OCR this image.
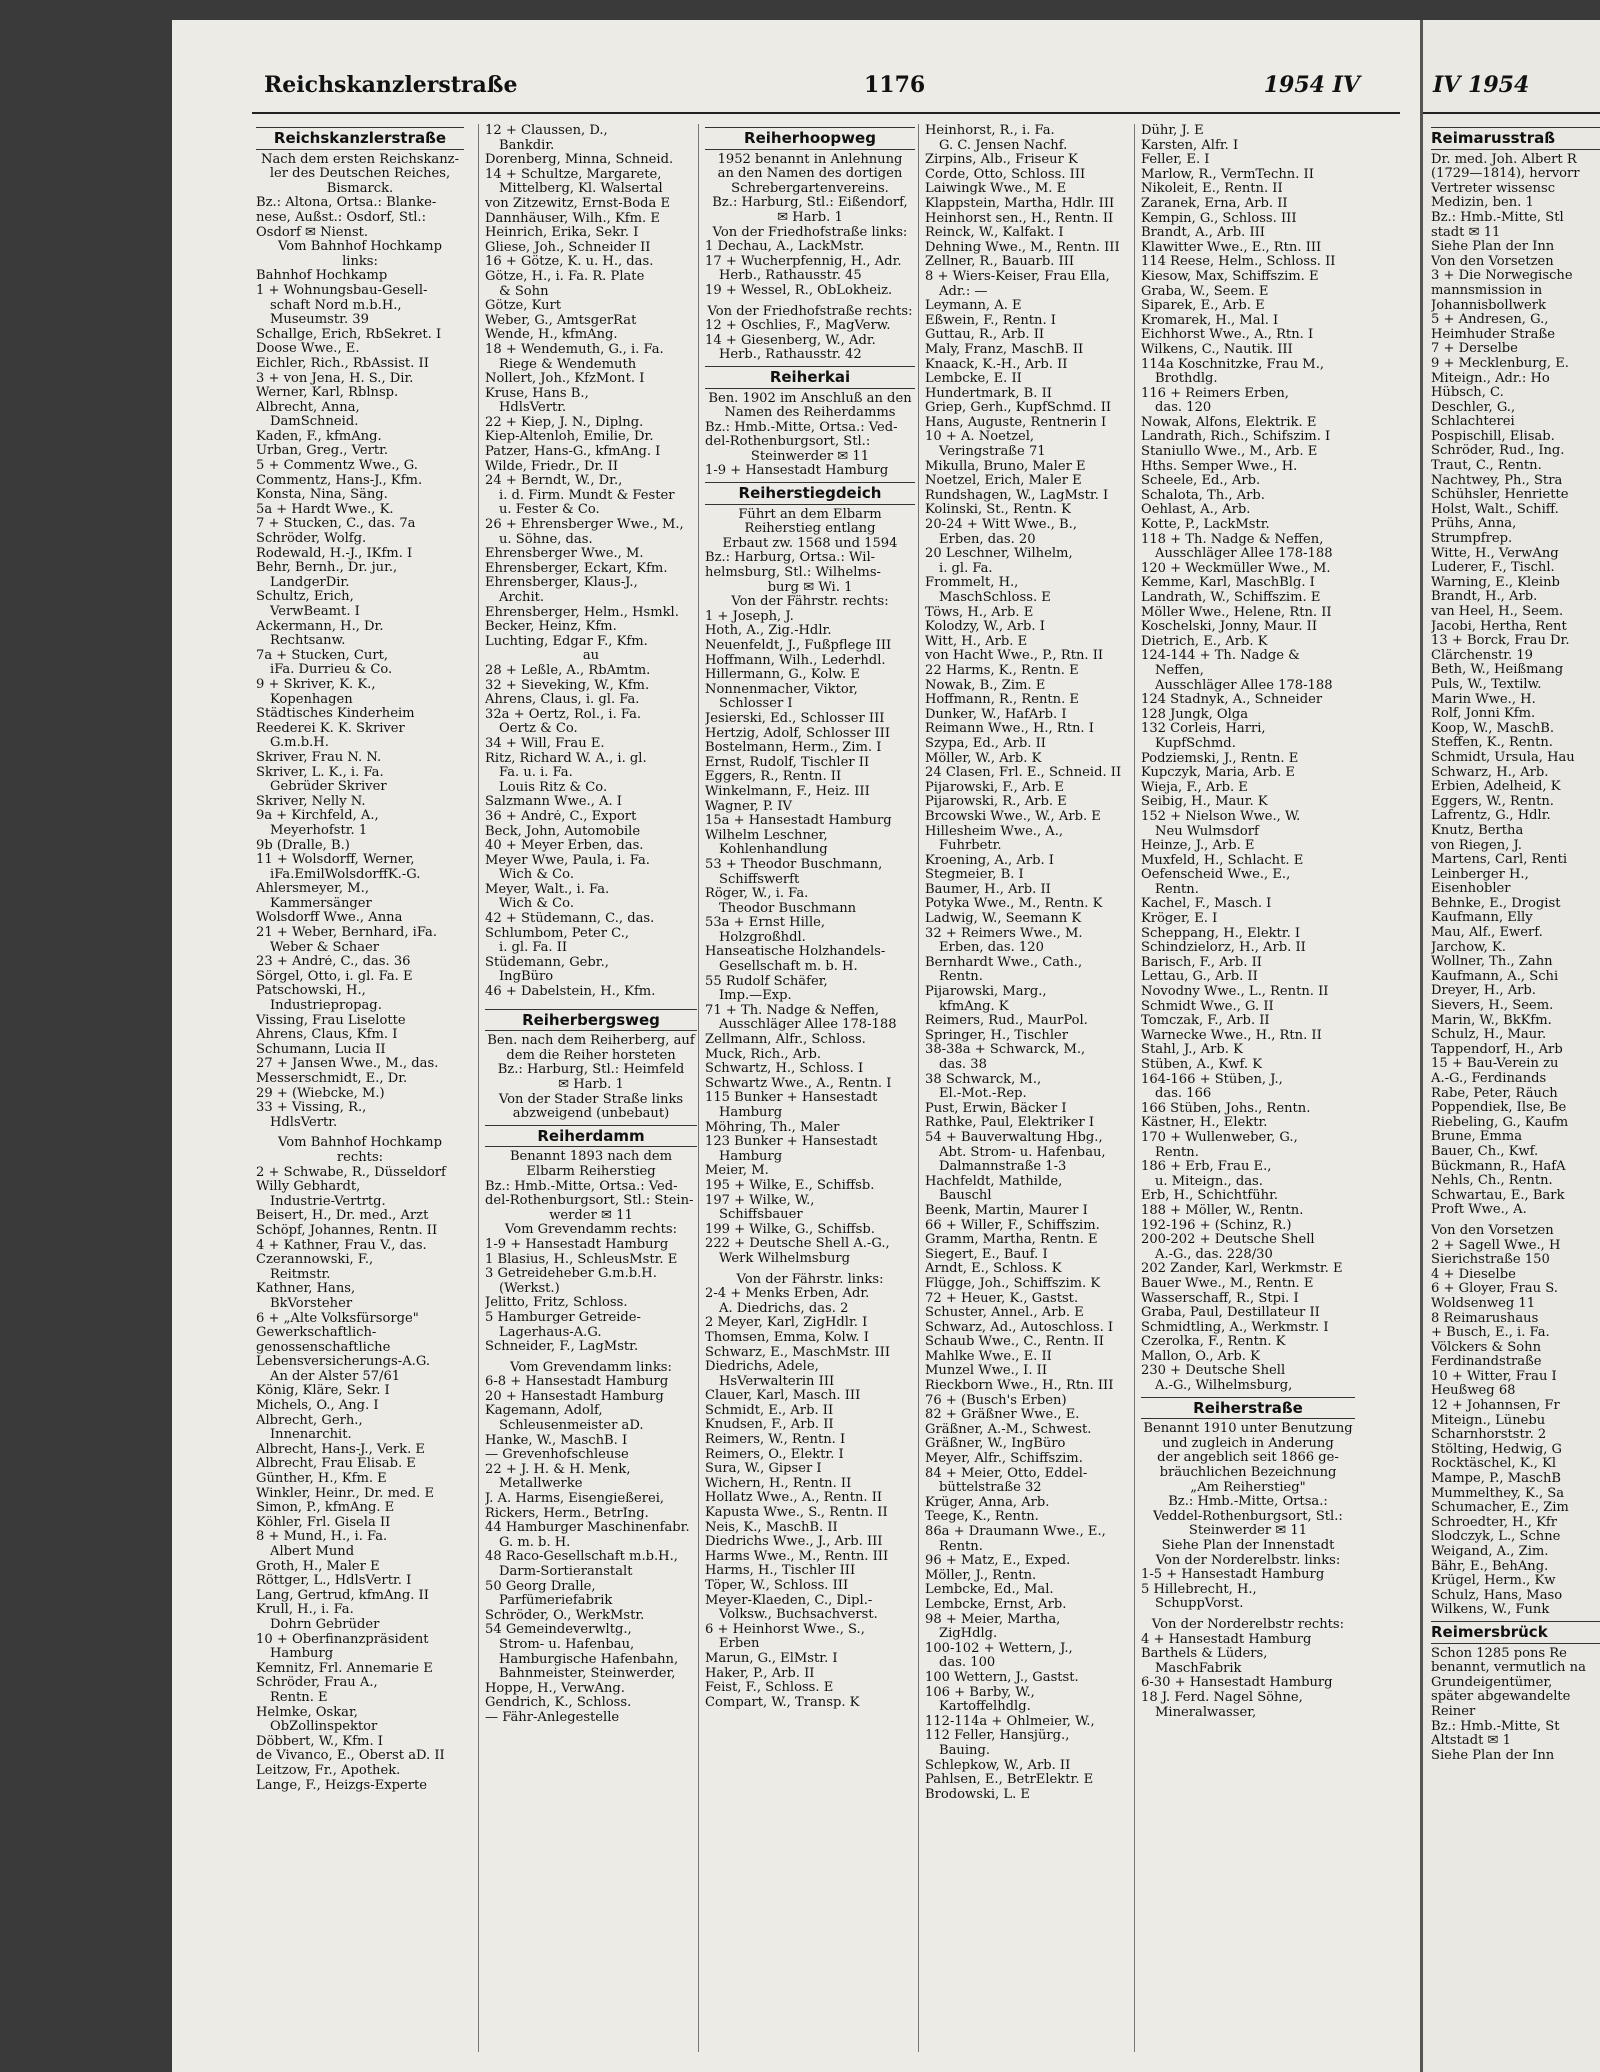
Reichskanzlerstraße	1176	1954 IV
Reichskanzlerstraße
Nach dem ersten Reichskanz-
ler des Deutschen Reiches,
Bismarck.
Bz.: Altona, Ortsa.: Blanke-
nese, Außst.: Osdorf, Stl.:
Osdorf ✉ Nienst.
Vom Bahnhof Hochkamp
links:
Bahnhof Hochkamp
1 + Wohnungsbau-Gesell-
schaft Nord m.b.H.,
Museumstr. 39
Schallge, Erich, RbSekret. I
Doose Wwe., E.
Eichler, Rich., RbAssist. II
3 + von Jena, H. S., Dir.
Werner, Karl, Rblnsp.
Albrecht, Anna,
DamSchneid.
Kaden, F., kfmAng.
Urban, Greg., Vertr.
5 + Commentz Wwe., G.
Commentz, Hans-J., Kfm.
Konsta, Nina, Säng.
5a + Hardt Wwe., K.
7 + Stucken, C., das. 7a
Schröder, Wolfg.
Rodewald, H.-J., IKfm. I
Behr, Bernh., Dr. jur.,
LandgerDir.
Schultz, Erich,
VerwBeamt. I
Ackermann, H., Dr.
Rechtsanw.
7a + Stucken, Curt,
iFa. Durrieu & Co.
9 + Skriver, K. K.,
Kopenhagen
Städtisches Kinderheim
Reederei K. K. Skriver
G.m.b.H.
Skriver, Frau N. N.
Skriver, L. K., i. Fa.
Gebrüder Skriver
Skriver, Nelly N.
9a + Kirchfeld, A.,
Meyerhofstr. 1
9b (Dralle, B.)
11 + Wolsdorff, Werner,
iFa.EmilWolsdorffK.-G.
Ahlersmeyer, M.,
Kammersänger
Wolsdorff Wwe., Anna
21 + Weber, Bernhard, iFa.
Weber & Schaer
23 + André, C., das. 36
Sörgel, Otto, i. gl. Fa. E
Patschowski, H.,
Industriepropag.
Vissing, Frau Liselotte
Ahrens, Claus, Kfm. I
Schumann, Lucia II
27 + Jansen Wwe., M., das.
Messerschmidt, E., Dr.
29 + (Wiebcke, M.)
33 + Vissing, R.,
HdlsVertr.
Vom Bahnhof Hochkamp
rechts:
2 + Schwabe, R., Düsseldorf
Willy Gebhardt,
Industrie-Vertrtg.
Beisert, H., Dr. med., Arzt
Schöpf, Johannes, Rentn. II
4 + Kathner, Frau V., das.
Czerannowski, F.,
Reitmstr.
Kathner, Hans,
BkVorsteher
6 + „Alte Volksfürsorge"
Gewerkschaftlich-
genossenschaftliche
Lebensversicherungs-A.G.
An der Alster 57/61
König, Kläre, Sekr. I
Michels, O., Ang. I
Albrecht, Gerh.,
Innenarchit.
Albrecht, Hans-J., Verk. E
Albrecht, Frau Elisab. E
Günther, H., Kfm. E
Winkler, Heinr., Dr. med. E
Simon, P., kfmAng. E
Köhler, Frl. Gisela II
8 + Mund, H., i. Fa.
Albert Mund
Groth, H., Maler E
Röttger, L., HdlsVertr. I
Lang, Gertrud, kfmAng. II
Krull, H., i. Fa.
Dohrn Gebrüder
10 + Oberfinanzpräsident
Hamburg
Kemnitz, Frl. Annemarie E
Schröder, Frau A.,
Rentn. E
Helmke, Oskar,
ObZollinspektor
Döbbert, W., Kfm. I
de Vivanco, E., Oberst aD. II
Leitzow, Fr., Apothek.
Lange, F., Heizgs-Experte
12 + Claussen, D.,
Bankdir.
Dorenberg, Minna, Schneid.
14 + Schultze, Margarete,
Mittelberg, Kl. Walsertal
von Zitzewitz, Ernst-Boda E
Dannhäuser, Wilh., Kfm. E
Heinrich, Erika, Sekr. I
Gliese, Joh., Schneider II
16 + Götze, K. u. H., das.
Götze, H., i. Fa. R. Plate
& Sohn
Götze, Kurt
Weber, G., AmtsgerRat
Wende, H., kfmAng.
18 + Wendemuth, G., i. Fa.
Riege & Wendemuth
Nollert, Joh., KfzMont. I
Kruse, Hans B.,
HdlsVertr.
22 + Kiep, J. N., Diplng.
Kiep-Altenloh, Emilie, Dr.
Patzer, Hans-G., kfmAng. I
Wilde, Friedr., Dr. II
24 + Berndt, W., Dr.,
i. d. Firm. Mundt & Fester
u. Fester & Co.
26 + Ehrensberger Wwe., M.,
u. Söhne, das.
Ehrensberger Wwe., M.
Ehrensberger, Eckart, Kfm.
Ehrensberger, Klaus-J.,
Archit.
Ehrensberger, Helm., Hsmkl.
Becker, Heinz, Kfm.
Luchting, Edgar F., Kfm.
au
28 + Leßle, A., RbAmtm.
32 + Sieveking, W., Kfm.
Ahrens, Claus, i. gl. Fa.
32a + Oertz, Rol., i. Fa.
Oertz & Co.
34 + Will, Frau E.
Ritz, Richard W. A., i. gl.
Fa. u. i. Fa.
Louis Ritz & Co.
Salzmann Wwe., A. I
36 + André, C., Export
Beck, John, Automobile
40 + Meyer Erben, das.
Meyer Wwe, Paula, i. Fa.
Wich & Co.
Meyer, Walt., i. Fa.
Wich & Co.
42 + Stüdemann, C., das.
Schlumbom, Peter C.,
i. gl. Fa. II
Stüdemann, Gebr.,
IngBüro
46 + Dabelstein, H., Kfm.
Reiherbergsweg
Ben. nach dem Reiherberg, auf
dem die Reiher horsteten
Bz.: Harburg, Stl.: Heimfeld
✉ Harb. 1
Von der Stader Straße links
abzweigend (unbebaut)
Reiherdamm
Benannt 1893 nach dem
Elbarm Reiherstieg
Bz.: Hmb.-Mitte, Ortsa.: Ved-
del-Rothenburgsort, Stl.: Stein-
werder ✉ 11
Vom Grevendamm rechts:
1-9 + Hansestadt Hamburg
1 Blasius, H., SchleusMstr. E
3 Getreideheber G.m.b.H.
(Werkst.)
Jelitto, Fritz, Schloss.
5 Hamburger Getreide-
Lagerhaus-A.G.
Schneider, F., LagMstr.
Vom Grevendamm links:
6-8 + Hansestadt Hamburg
20 + Hansestadt Hamburg
Kagemann, Adolf,
Schleusenmeister aD.
Hanke, W., MaschB. I
— Grevenhofschleuse
22 + J. H. & H. Menk,
Metallwerke
J. A. Harms, Eisengießerei,
Rickers, Herm., BetrIng.
44 Hamburger Maschinenfabr.
G. m. b. H.
48 Raco-Gesellschaft m.b.H.,
Darm-Sortieranstalt
50 Georg Dralle,
Parfümeriefabrik
Schröder, O., WerkMstr.
54 Gemeindeverwltg.,
Strom- u. Hafenbau,
Hamburgische Hafenbahn,
Bahnmeister, Steinwerder,
Hoppe, H., VerwAng.
Gendrich, K., Schloss.
— Fähr-Anlegestelle
Reiherhoopweg
1952 benannt in Anlehnung
an den Namen des dortigen
Schrebergartenvereins.
Bz.: Harburg, Stl.: Eißendorf,
✉ Harb. 1
Von der Friedhofstraße links:
1 Dechau, A., LackMstr.
17 + Wucherpfennig, H., Adr.
Herb., Rathausstr. 45
19 + Wessel, R., ObLokheiz.
Von der Friedhofstraße rechts:
12 + Oschlies, F., MagVerw.
14 + Giesenberg, W., Adr.
Herb., Rathausstr. 42
Reiherkai
Ben. 1902 im Anschluß an den
Namen des Reiherdamms
Bz.: Hmb.-Mitte, Ortsa.: Ved-
del-Rothenburgsort, Stl.:
Steinwerder ✉ 11
1-9 + Hansestadt Hamburg
Reiherstiegdeich
Führt an dem Elbarm
Reiherstieg entlang
Erbaut zw. 1568 und 1594
Bz.: Harburg, Ortsa.: Wil-
helmsburg, Stl.: Wilhelms-
burg ✉ Wi. 1
Von der Fährstr. rechts:
1 + Joseph, J.
Hoth, A., Zig.-Hdlr.
Neuenfeldt, J., Fußpflege III
Hoffmann, Wilh., Lederhdl.
Hillermann, G., Kolw. E
Nonnenmacher, Viktor,
Schlosser I
Jesierski, Ed., Schlosser III
Hertzig, Adolf, Schlosser III
Bostelmann, Herm., Zim. I
Ernst, Rudolf, Tischler II
Eggers, R., Rentn. II
Winkelmann, F., Heiz. III
Wagner, P. IV
15a + Hansestadt Hamburg
Wilhelm Leschner,
Kohlenhandlung
53 + Theodor Buschmann,
Schiffswerft
Röger, W., i. Fa.
Theodor Buschmann
53a + Ernst Hille,
Holzgroßhdl.
Hanseatische Holzhandels-
Gesellschaft m. b. H.
55 Rudolf Schäfer,
Imp.—Exp.
71 + Th. Nadge & Neffen,
Ausschläger Allee 178-188
Zellmann, Alfr., Schloss.
Muck, Rich., Arb.
Schwartz, H., Schloss. I
Schwartz Wwe., A., Rentn. I
115 Bunker + Hansestadt
Hamburg
Möhring, Th., Maler
123 Bunker + Hansestadt
Hamburg
Meier, M.
195 + Wilke, E., Schiffsb.
197 + Wilke, W.,
Schiffsbauer
199 + Wilke, G., Schiffsb.
222 + Deutsche Shell A.-G.,
Werk Wilhelmsburg
Von der Fährstr. links:
2-4 + Menks Erben, Adr.
A. Diedrichs, das. 2
2 Meyer, Karl, ZigHdlr. I
Thomsen, Emma, Kolw. I
Schwarz, E., MaschMstr. III
Diedrichs, Adele,
HsVerwalterin III
Clauer, Karl, Masch. III
Schmidt, E., Arb. II
Knudsen, F., Arb. II
Reimers, W., Rentn. I
Reimers, O., Elektr. I
Sura, W., Gipser I
Wichern, H., Rentn. II
Hollatz Wwe., A., Rentn. II
Kapusta Wwe., S., Rentn. II
Neis, K., MaschB. II
Diedrichs Wwe., J., Arb. III
Harms Wwe., M., Rentn. III
Harms, H., Tischler III
Töper, W., Schloss. III
Meyer-Klaeden, C., Dipl.-
Volksw., Buchsachverst.
6 + Heinhorst Wwe., S.,
Erben
Marun, G., ElMstr. I
Haker, P., Arb. II
Feist, F., Schloss. E
Compart, W., Transp. K
Heinhorst, R., i. Fa.
G. C. Jensen Nachf.
Zirpins, Alb., Friseur K
Corde, Otto, Schloss. III
Laiwingk Wwe., M. E
Klappstein, Martha, Hdlr. III
Heinhorst sen., H., Rentn. II
Reinck, W., Kalfakt. I
Dehning Wwe., M., Rentn. III
Zellner, R., Bauarb. III
8 + Wiers-Keiser, Frau Ella,
Adr.: —
Leymann, A. E
Eßwein, F., Rentn. I
Guttau, R., Arb. II
Maly, Franz, MaschB. II
Knaack, K.-H., Arb. II
Lembcke, E. II
Hundertmark, B. II
Griep, Gerh., KupfSchmd. II
Hans, Auguste, Rentnerin I
10 + A. Noetzel,
Veringstraße 71
Mikulla, Bruno, Maler E
Noetzel, Erich, Maler E
Rundshagen, W., LagMstr. I
Kolinski, St., Rentn. K
20-24 + Witt Wwe., B.,
Erben, das. 20
20 Leschner, Wilhelm,
i. gl. Fa.
Frommelt, H.,
MaschSchloss. E
Töws, H., Arb. E
Kolodzy, W., Arb. I
Witt, H., Arb. E
von Hacht Wwe., P., Rtn. II
22 Harms, K., Rentn. E
Nowak, B., Zim. E
Hoffmann, R., Rentn. E
Dunker, W., HafArb. I
Reimann Wwe., H., Rtn. I
Szypa, Ed., Arb. II
Möller, W., Arb. K
24 Clasen, Frl. E., Schneid. II
Pijarowski, F., Arb. E
Pijarowski, R., Arb. E
Brcowski Wwe., W., Arb. E
Hillesheim Wwe., A.,
Fuhrbetr.
Kroening, A., Arb. I
Stegmeier, B. I
Baumer, H., Arb. II
Potyka Wwe., M., Rentn. K
Ladwig, W., Seemann K
32 + Reimers Wwe., M.
Erben, das. 120
Bernhardt Wwe., Cath.,
Rentn.
Pijarowski, Marg.,
kfmAng. K
Reimers, Rud., MaurPol.
Springer, H., Tischler
38-38a + Schwarck, M.,
das. 38
38 Schwarck, M.,
El.-Mot.-Rep.
Pust, Erwin, Bäcker I
Rathke, Paul, Elektriker I
54 + Bauverwaltung Hbg.,
Abt. Strom- u. Hafenbau,
Dalmannstraße 1-3
Hachfeldt, Mathilde,
Bauschl
Beenk, Martin, Maurer I
66 + Willer, F., Schiffszim.
Gramm, Martha, Rentn. E
Siegert, E., Bauf. I
Arndt, E., Schloss. K
Flügge, Joh., Schiffszim. K
72 + Heuer, K., Gastst.
Schuster, Annel., Arb. E
Schwarz, Ad., Autoschloss. I
Schaub Wwe., C., Rentn. II
Mahlke Wwe., E. II
Munzel Wwe., I. II
Rieckborn Wwe., H., Rtn. III
76 + (Busch's Erben)
82 + Gräßner Wwe., E.
Gräßner, A.-M., Schwest.
Gräßner, W., IngBüro
Meyer, Alfr., Schiffszim.
84 + Meier, Otto, Eddel-
büttelstraße 32
Krüger, Anna, Arb.
Teege, K., Rentn.
86a + Draumann Wwe., E.,
Rentn.
96 + Matz, E., Exped.
Möller, J., Rentn.
Lembcke, Ed., Mal.
Lembcke, Ernst, Arb.
98 + Meier, Martha,
ZigHdlg.
100-102 + Wettern, J.,
das. 100
100 Wettern, J., Gastst.
106 + Barby, W.,
Kartoffelhdlg.
112-114a + Ohlmeier, W.,
112 Feller, Hansjürg.,
Bauing.
Schlepkow, W., Arb. II
Pahlsen, E., BetrElektr. E
Brodowski, L. E
Dühr, J. E
Karsten, Alfr. I
Feller, E. I
Marlow, R., VermTechn. II
Nikoleit, E., Rentn. II
Zaranek, Erna, Arb. II
Kempin, G., Schloss. III
Brandt, A., Arb. III
Klawitter Wwe., E., Rtn. III
114 Reese, Helm., Schloss. II
Kiesow, Max, Schiffszim. E
Graba, W., Seem. E
Siparek, E., Arb. E
Kromarek, H., Mal. I
Eichhorst Wwe., A., Rtn. I
Wilkens, C., Nautik. III
114a Koschnitzke, Frau M.,
Brothdlg.
116 + Reimers Erben,
das. 120
Nowak, Alfons, Elektrik. E
Landrath, Rich., Schifszim. I
Staniullo Wwe., M., Arb. E
Hths. Semper Wwe., H.
Scheele, Ed., Arb.
Schalota, Th., Arb.
Oehlast, A., Arb.
Kotte, P., LackMstr.
118 + Th. Nadge & Neffen,
Ausschläger Allee 178-188
120 + Weckmüller Wwe., M.
Kemme, Karl, MaschBlg. I
Landrath, W., Schiffszim. E
Möller Wwe., Helene, Rtn. II
Koschelski, Jonny, Maur. II
Dietrich, E., Arb. K
124-144 + Th. Nadge &
Neffen,
Ausschläger Allee 178-188
124 Stadnyk, A., Schneider
128 Jungk, Olga
132 Corleis, Harri,
KupfSchmd.
Podziemski, J., Rentn. E
Kupczyk, Maria, Arb. E
Wieja, F., Arb. E
Seibig, H., Maur. K
152 + Nielson Wwe., W.
Neu Wulmsdorf
Heinze, J., Arb. E
Muxfeld, H., Schlacht. E
Oefenscheid Wwe., E.,
Rentn.
Kachel, F., Masch. I
Kröger, E. I
Scheppang, H., Elektr. I
Schindzielorz, H., Arb. II
Barisch, F., Arb. II
Lettau, G., Arb. II
Novodny Wwe., L., Rentn. II
Schmidt Wwe., G. II
Tomczak, F., Arb. II
Warnecke Wwe., H., Rtn. II
Stahl, J., Arb. K
Stüben, A., Kwf. K
164-166 + Stüben, J.,
das. 166
166 Stüben, Johs., Rentn.
Kästner, H., Elektr.
170 + Wullenweber, G.,
Rentn.
186 + Erb, Frau E.,
u. Miteign., das.
Erb, H., Schichtführ.
188 + Möller, W., Rentn.
192-196 + (Schinz, R.)
200-202 + Deutsche Shell
A.-G., das. 228/30
202 Zander, Karl, Werkmstr. E
Bauer Wwe., M., Rentn. E
Wasserschaff, R., Stpi. I
Graba, Paul, Destillateur II
Schmidtling, A., Werkmstr. I
Czerolka, F., Rentn. K
Mallon, O., Arb. K
230 + Deutsche Shell
A.-G., Wilhelmsburg,
Reiherstraße
Benannt 1910 unter Benutzung
und zugleich in Änderung
der angeblich seit 1866 ge-
bräuchlichen Bezeichnung
„Am Reiherstieg"
Bz.: Hmb.-Mitte, Ortsa.:
Veddel-Rothenburgsort, Stl.:
Steinwerder ✉ 11
Siehe Plan der Innenstadt
Von der Norderelbstr. links:
1-5 + Hansestadt Hamburg
5 Hillebrecht, H.,
SchuppVorst.
Von der Norderelbstr rechts:
4 + Hansestadt Hamburg
Barthels & Lüders,
MaschFabrik
6-30 + Hansestadt Hamburg
18 J. Ferd. Nagel Söhne,
Mineralwasser,
IV 1954
Reimarusstraß
Dr. med. Joh. Albert R
(1729—1814), hervorr
Vertreter wissensc
Medizin, ben. 1
Bz.: Hmb.-Mitte, Stl
stadt ✉ 11
Siehe Plan der Inn
Von den Vorsetzen
3 + Die Norwegische
mannsmission in
Johannisbollwerk
5 + Andresen, G.,
Heimhuder Straße
7 + Derselbe
9 + Mecklenburg, E.
Miteign., Adr.: Ho
Hübsch, C.
Deschler, G.,
Schlachterei
Pospischill, Elisab.
Schröder, Rud., Ing.
Traut, C., Rentn.
Nachtwey, Ph., Stra
Schühsler, Henriette
Holst, Walt., Schiff.
Prühs, Anna,
Strumpfrep.
Witte, H., VerwAng
Luderer, F., Tischl.
Warning, E., Kleinb
Brandt, H., Arb.
van Heel, H., Seem.
Jacobi, Hertha, Rent
13 + Borck, Frau Dr.
Clärchenstr. 19
Beth, W., Heißmang
Puls, W., Textilw.
Marin Wwe., H.
Rolf, Jonni Kfm.
Koop, W., MaschB.
Steffen, K., Rentn.
Schmidt, Ursula, Hau
Schwarz, H., Arb.
Erbien, Adelheid, K
Eggers, W., Rentn.
Lafrentz, G., Hdlr.
Knutz, Bertha
von Riegen, J.
Martens, Carl, Renti
Leinberger H.,
Eisenhobler
Behnke, E., Drogist
Kaufmann, Elly
Mau, Alf., Ewerf.
Jarchow, K.
Wollner, Th., Zahn
Kaufmann, A., Schi
Dreyer, H., Arb.
Sievers, H., Seem.
Marin, W., BkKfm.
Schulz, H., Maur.
Tappendorf, H., Arb
15 + Bau-Verein zu
A.-G., Ferdinands
Rabe, Peter, Räuch
Poppendiek, Ilse, Be
Riebeling, G., Kaufm
Brune, Emma
Bauer, Ch., Kwf.
Bückmann, R., HafA
Nehls, Ch., Rentn.
Schwartau, E., Bark
Proft Wwe., A.
Von den Vorsetzen
2 + Sagell Wwe., H
Sierichstraße 150
4 + Dieselbe
6 + Gloyer, Frau S.
Woldsenweg 11
8 Reimarushaus
+ Busch, E., i. Fa.
Völckers & Sohn
Ferdinandstraße
10 + Witter, Frau I
Heußweg 68
12 + Johannsen, Fr
Miteign., Lünebu
Scharnhorststr. 2
Stölting, Hedwig, G
Rocktäschel, K., Kl
Mampe, P., MaschB
Mummelthey, K., Sa
Schumacher, E., Zim
Schroedter, H., Kfr
Slodczyk, L., Schne
Weigand, A., Zim.
Bähr, E., BehAng.
Krügel, Herm., Kw
Schulz, Hans, Maso
Wilkens, W., Funk
Reimersbrück
Schon 1285 pons Re
benannt, vermutlich na
Grundeigentümer,
später abgewandelte
Reiner
Bz.: Hmb.-Mitte, St
Altstadt ✉ 1
Siehe Plan der Inn
